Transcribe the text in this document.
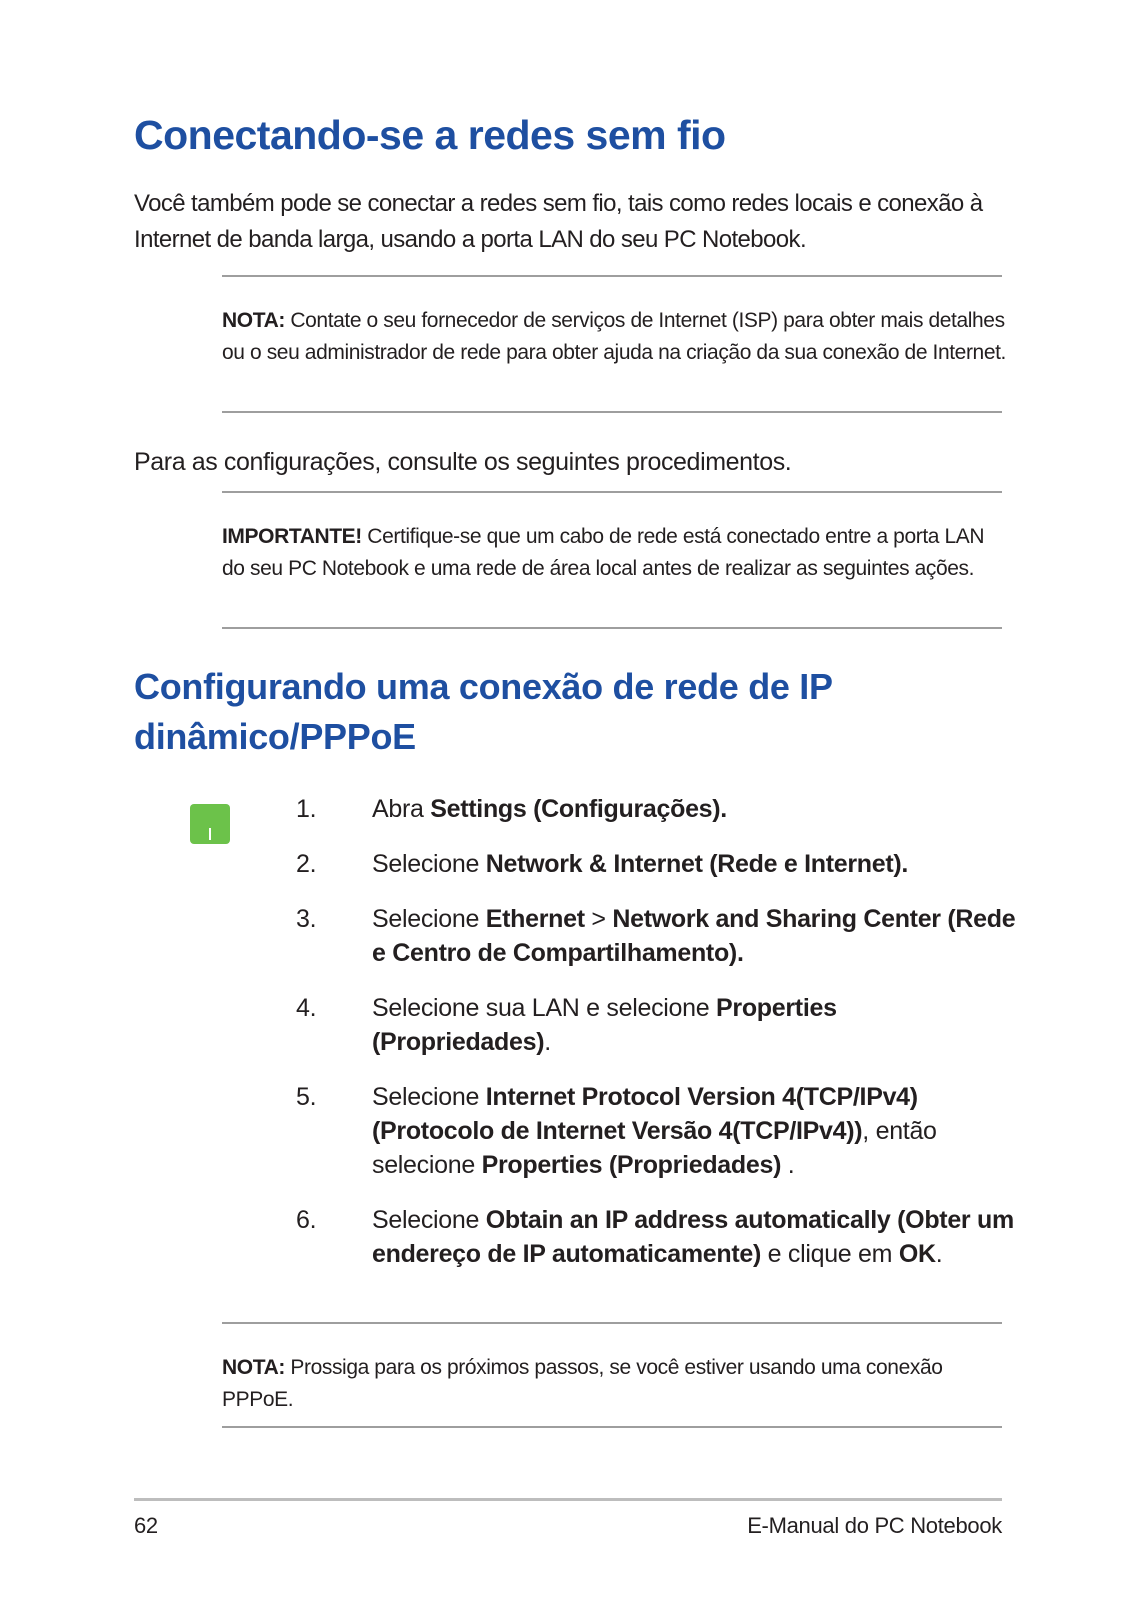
Conectando-se a redes sem fio

Você também pode se conectar a redes sem fio, tais como redes locais e conexão à Internet de banda larga, usando a porta LAN do seu PC Notebook.

NOTA: Contate o seu fornecedor de serviços de Internet (ISP) para obter mais detalhes ou o seu administrador de rede para obter ajuda na criação da sua conexão de Internet.

Para as configurações, consulte os seguintes procedimentos.

IMPORTANTE! Certifique-se que um cabo de rede está conectado entre a porta LAN do seu PC Notebook e uma rede de área local antes de realizar as seguintes ações.

Configurando uma conexão de rede de IP dinâmico/PPPoE
1. Abra Settings (Configurações).
2. Selecione Network & Internet (Rede e Internet).
3. Selecione Ethernet > Network and Sharing Center (Rede e Centro de Compartilhamento).
4. Selecione sua LAN e selecione Properties (Propriedades).
5. Selecione Internet Protocol Version 4(TCP/IPv4) (Protocolo de Internet Versão 4(TCP/IPv4)), então selecione Properties (Propriedades) .
6. Selecione Obtain an IP address automatically (Obter um endereço de IP automaticamente) e clique em OK.

NOTA: Prossiga para os próximos passos, se você estiver usando uma conexão PPPoE.

62	E-Manual do PC Notebook
